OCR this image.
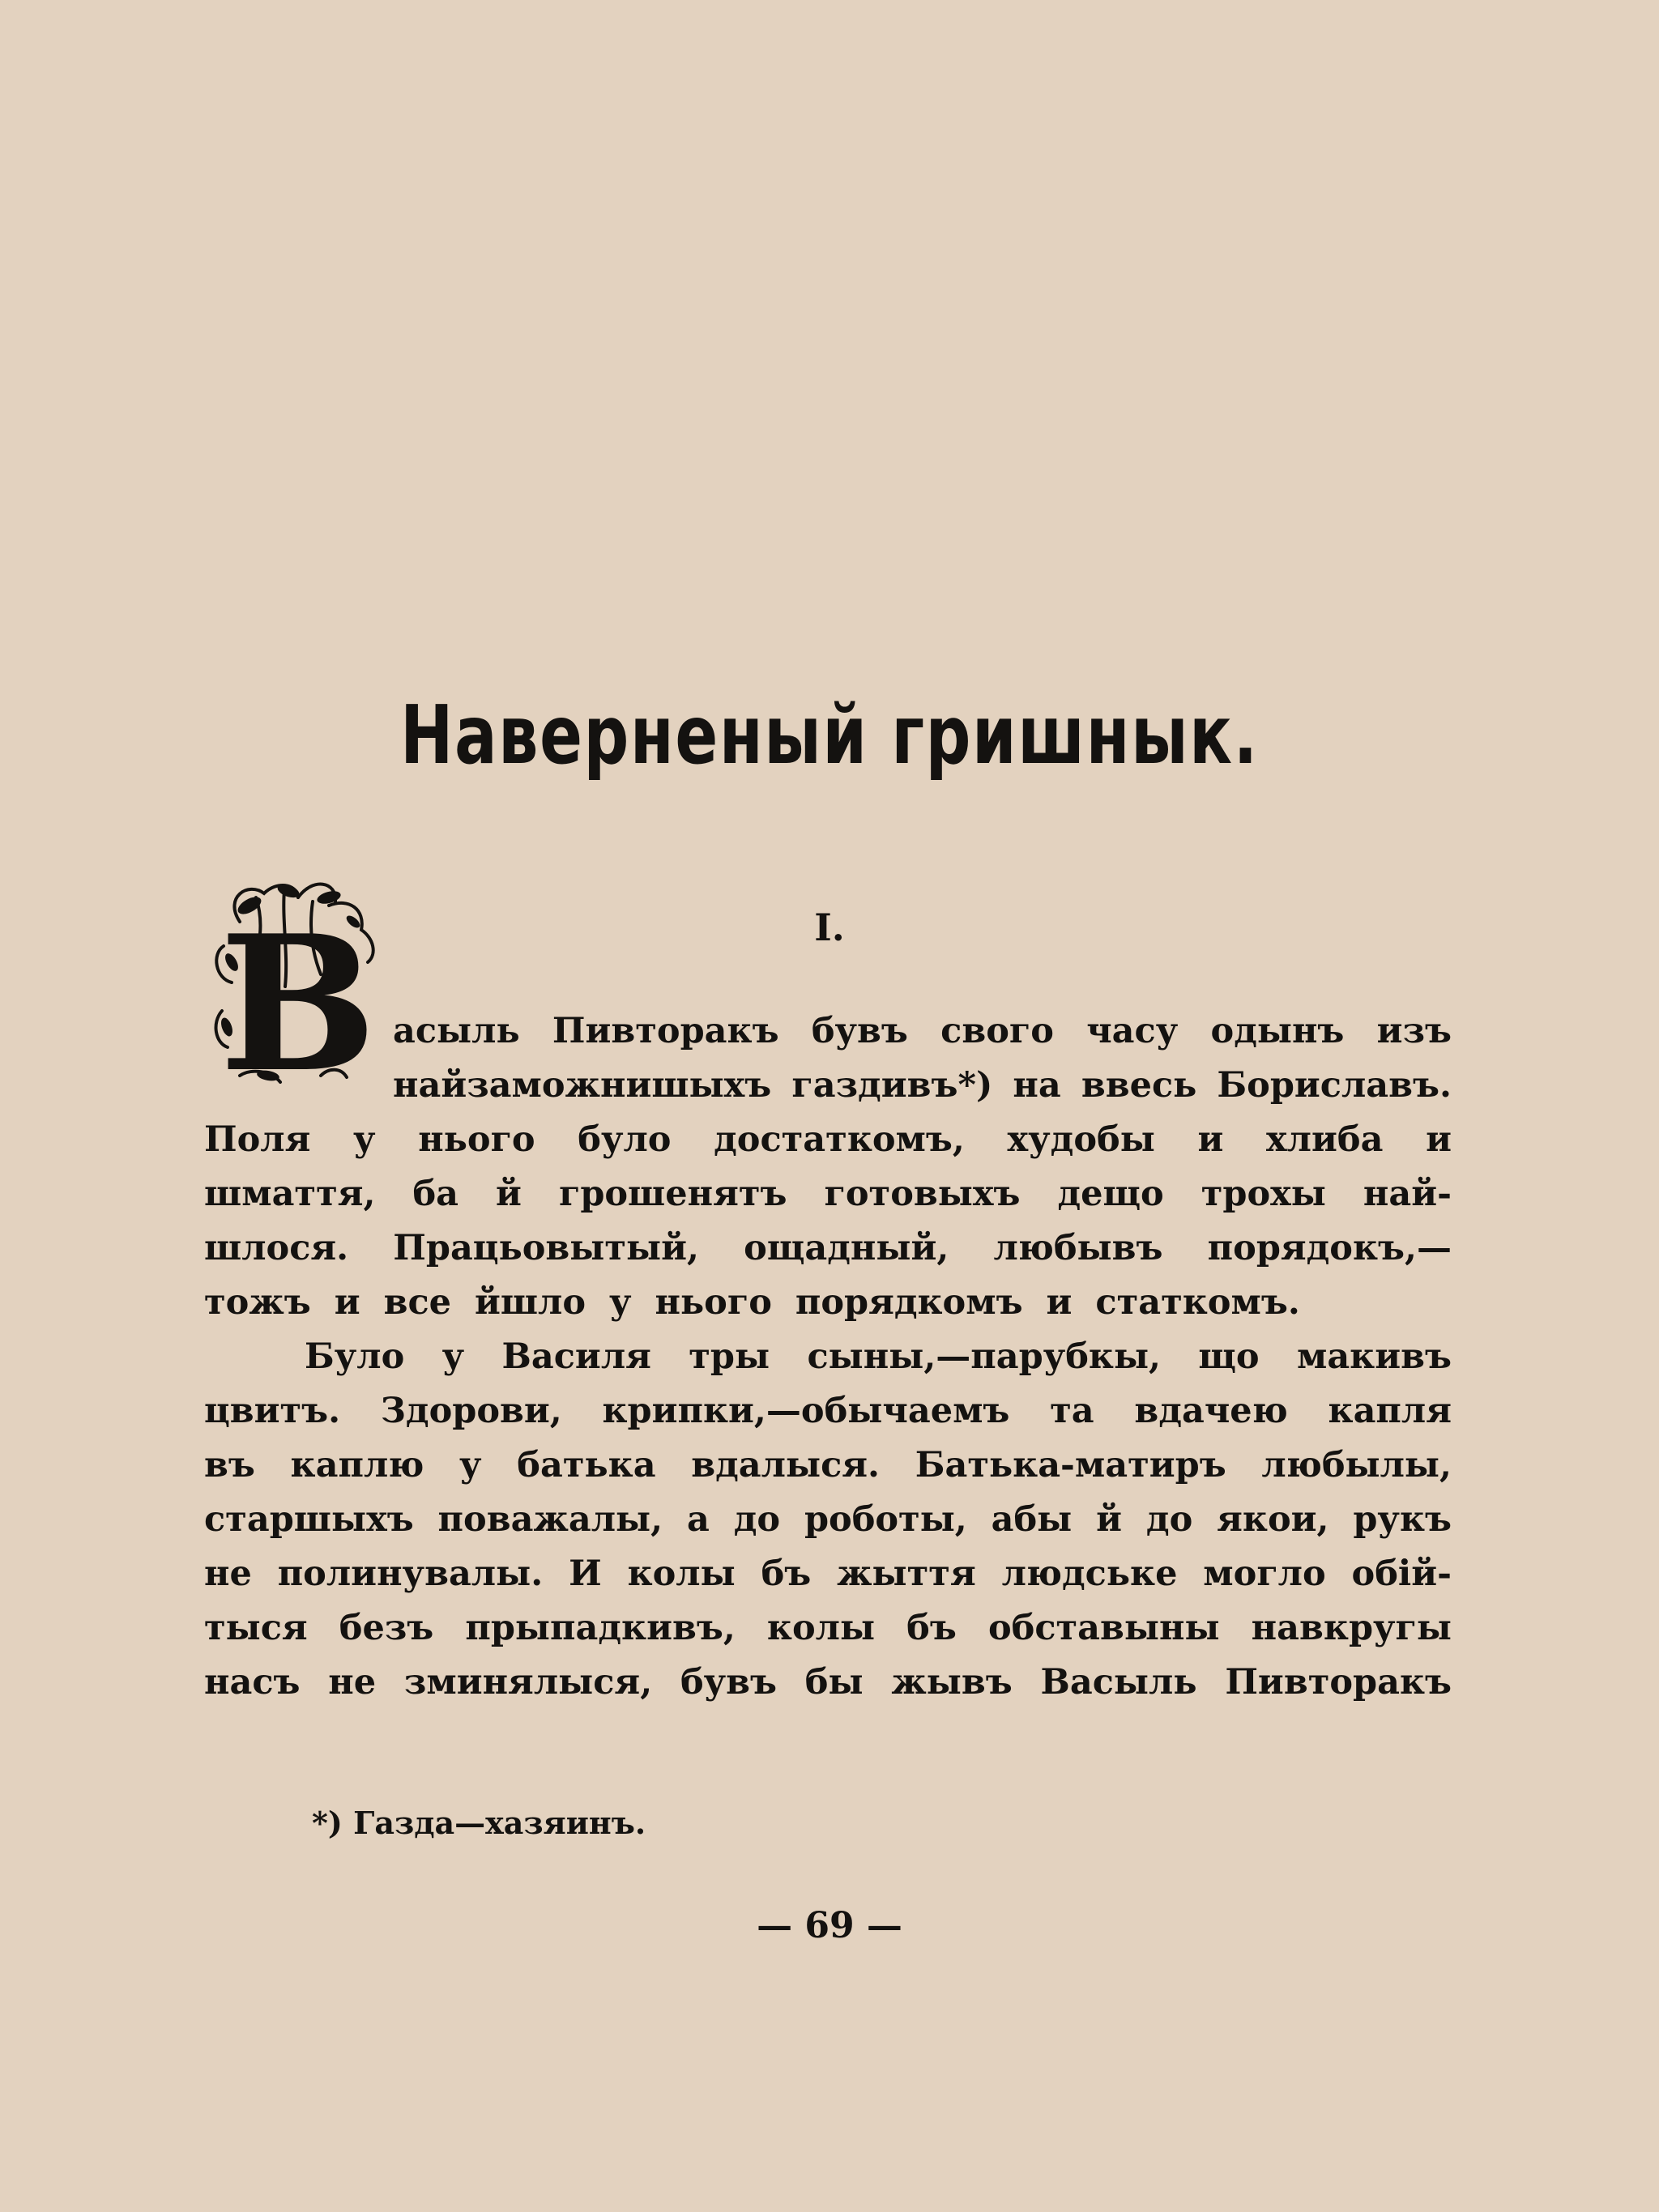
Наверненый гришнык.
I.
В асыль Пивторакъ бувъ свого часу одынъ изъ
найзаможнишыхъ газдивъ*) на ввесь Бориславъ.
Поля у нього було достаткомъ, худобы и хлиба и
шмаття, ба й грошенятъ готовыхъ дещо трохы най-
шлося. Працьовытый, ощадный, любывъ порядокъ,—
тожъ и все йшло у нього порядкомъ и статкомъ.
Було у Василя тры сыны,—парубкы, що макивъ
цвитъ. Здорови, крипки,—обычаемъ та вдачею капля
въ каплю у батька вдалыся. Батька-матиръ любылы,
старшыхъ поважалы, а до роботы, абы й до якои, рукъ
не полинувалы. И колы бъ жыття людське могло обій-
тыся безъ прыпадкивъ, колы бъ обставыны навкругы
насъ не зминялыся, бувъ бы жывъ Васыль Пивторакъ
*) Газда—хазяинъ.
— 69 —
